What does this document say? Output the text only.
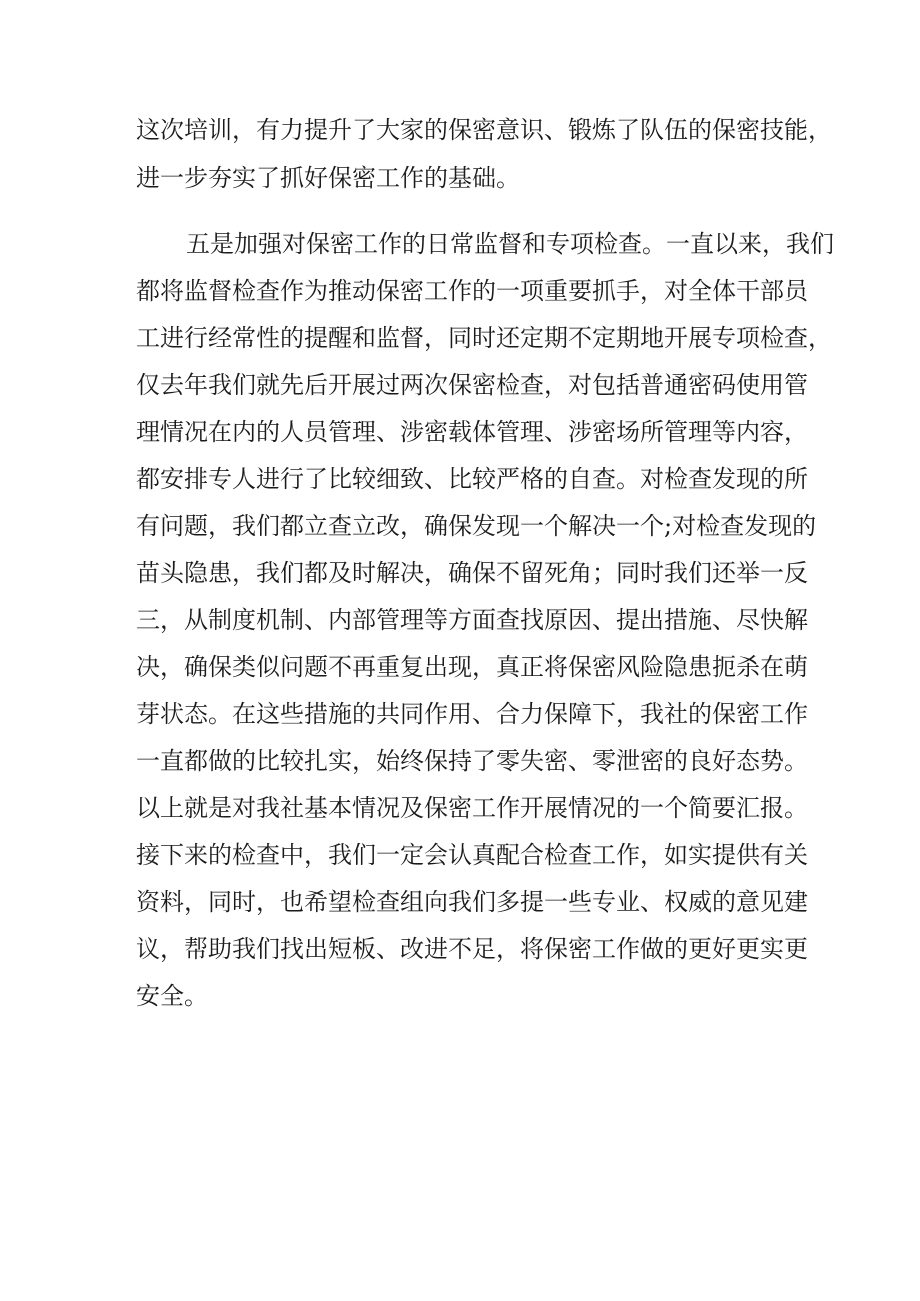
这次培训，有力提升了大家的保密意识、锻炼了队伍的保密技能，
进一步夯实了抓好保密工作的基础。
五是加强对保密工作的日常监督和专项检查。一直以来，我们
都将监督检查作为推动保密工作的一项重要抓手，对全体干部员
工进行经常性的提醒和监督，同时还定期不定期地开展专项检查，
仅去年我们就先后开展过两次保密检查，对包括普通密码使用管
理情况在内的人员管理、涉密载体管理、涉密场所管理等内容，
都安排专人进行了比较细致、比较严格的自查。对检查发现的所
有问题，我们都立查立改，确保发现一个解决一个;对检查发现的
苗头隐患，我们都及时解决，确保不留死角；同时我们还举一反
三，从制度机制、内部管理等方面查找原因、提出措施、尽快解
决，确保类似问题不再重复出现，真正将保密风险隐患扼杀在萌
芽状态。在这些措施的共同作用、合力保障下，我社的保密工作
一直都做的比较扎实，始终保持了零失密、零泄密的良好态势。
以上就是对我社基本情况及保密工作开展情况的一个简要汇报。
接下来的检查中，我们一定会认真配合检查工作，如实提供有关
资料，同时，也希望检查组向我们多提一些专业、权威的意见建
议，帮助我们找出短板、改进不足，将保密工作做的更好更实更
安全。
